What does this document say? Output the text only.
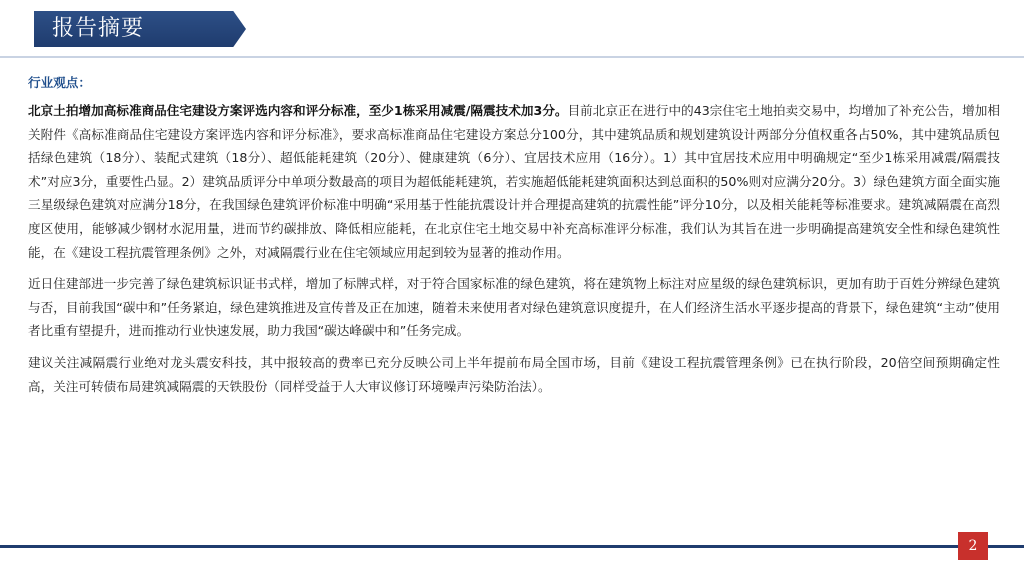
报告摘要
行业观点：

北京土拍增加高标准商品住宅建设方案评选内容和评分标准，至少1栋采用减震/隔震技术加3分。目前北京正在进行中的43宗住宅土地拍卖交易中，均增加了补充公告，增加相关附件《高标准商品住宅建设方案评选内容和评分标准》，要求高标准商品住宅建设方案总分100分，其中建筑品质和规划建筑设计两部分分值权重各占50%，其中建筑品质包括绿色建筑（18分）、装配式建筑（18分）、超低能耗建筑（20分）、健康建筑（6分）、宜居技术应用（16分）。1）其中宜居技术应用中明确规定“至少1栋采用减震/隔震技术”对应3分，重要性凸显。2）建筑品质评分中单项分数最高的项目为超低能耗建筑，若实施超低能耗建筑面积达到总面积的50%则对应满分20分。3）绿色建筑方面全面实施三星级绿色建筑对应满分18分，在我国绿色建筑评价标准中明确“采用基于性能抗震设计并合理提高建筑的抗震性能”评分10分，以及相关能耗等标准要求。建筑减隔震在高烈度区使用，能够减少钢材水泥用量，进而节约碳排放、降低相应能耗，在北京住宅土地交易中补充高标准评分标准，我们认为其旨在进一步明确提高建筑安全性和绿色建筑性能，在《建设工程抗震管理条例》之外，对减隔震行业在住宅领域应用起到较为显著的推动作用。

近日住建部进一步完善了绿色建筑标识证书式样，增加了标牌式样，对于符合国家标准的绿色建筑，将在建筑物上标注对应星级的绿色建筑标识，更加有助于百姓分辨绿色建筑与否，目前我国“碳中和”任务紧迫，绿色建筑推进及宣传普及正在加速，随着未来使用者对绿色建筑意识度提升，在人们经济生活水平逐步提高的背景下，绿色建筑“主动”使用者比重有望提升，进而推动行业快速发展，助力我国“碳达峰碳中和”任务完成。

建议关注减隔震行业绝对龙头震安科技，其中报较高的费率已充分反映公司上半年提前布局全国市场，目前《建设工程抗震管理条例》已在执行阶段，20倍空间预期确定性高，关注可转债布局建筑减隔震的天铁股份（同样受益于人大审议修订环境噪声污染防治法）。

2
